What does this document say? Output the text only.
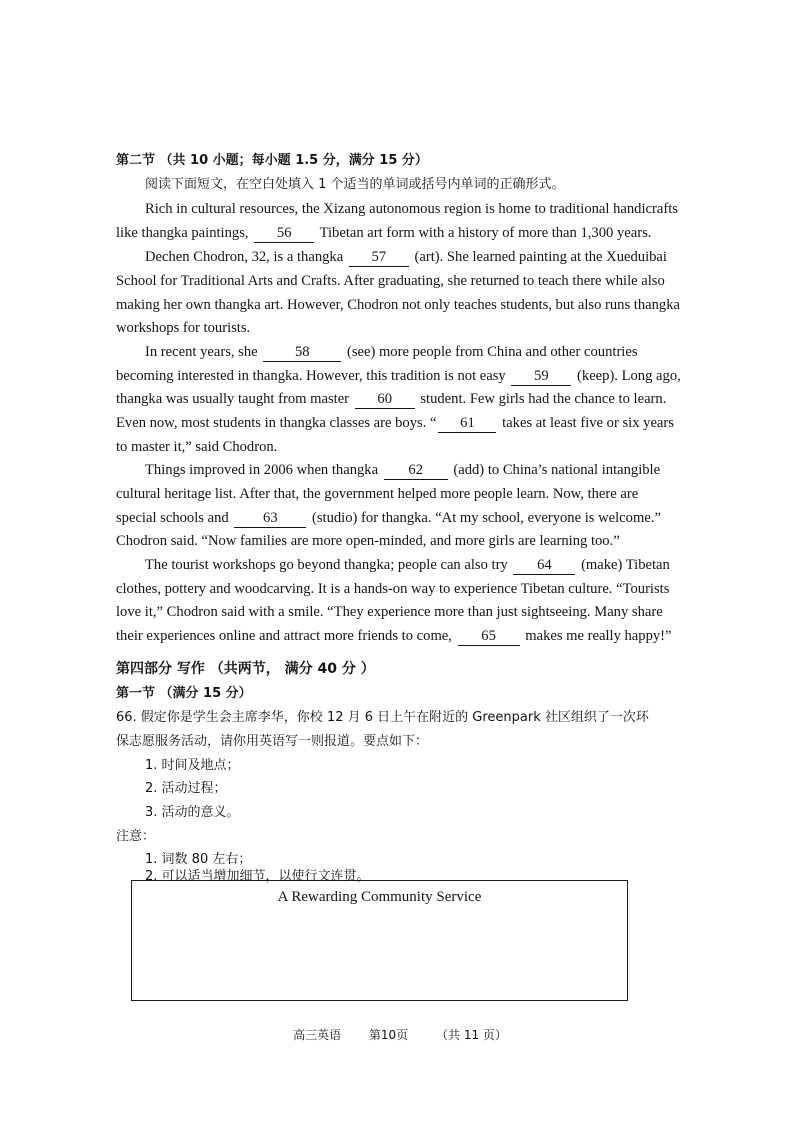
第二节 （共 10 小题；每小题 1.5 分，满分 15 分）
阅读下面短文，在空白处填入 1 个适当的单词或括号内单词的正确形式。
Rich in cultural resources, the Xizang autonomous region is home to traditional handicrafts
like thangka paintings, 56 Tibetan art form with a history of more than 1,300 years.
Dechen Chodron, 32, is a thangka 57 (art). She learned painting at the Xueduibai
School for Traditional Arts and Crafts. After graduating, she returned to teach there while also
making her own thangka art. However, Chodron not only teaches students, but also runs thangka
workshops for tourists.
In recent years, she	58	(see) more people from China and other countries
becoming interested in thangka. However, this tradition is not easy 59 (keep). Long ago,
thangka was usually taught from master 60 student. Few girls had the chance to learn.
Even now, most students in thangka classes are boys. “ 61 takes at least five or six years
to master it,” said Chodron.
Things improved in 2006 when thangka 62 (add) to China’s national intangible
cultural heritage list. After that, the government helped more people learn. Now, there are
special schools and 63 (studio) for thangka. “At my school, everyone is welcome.”
Chodron said. “Now families are more open-minded, and more girls are learning too.”
The tourist workshops go beyond thangka; people can also try 64 (make) Tibetan
clothes, pottery and woodcarving. It is a hands-on way to experience Tibetan culture. “Tourists
love it,” Chodron said with a smile. “They experience more than just sightseeing. Many share
their experiences online and attract more friends to come, 65 makes me really happy!”
第四部分 写作 （共两节， 满分 40 分 ）
第一节 （满分 15 分）
66. 假定你是学生会主席李华，你校 12 月 6 日上午在附近的 Greenpark 社区组织了一次环
保志愿服务活动，请你用英语写一则报道。要点如下：
1. 时间及地点；
2. 活动过程；
3. 活动的意义。
注意：
1. 词数 80 左右；
2. 可以适当增加细节，以使行文连贯。
A Rewarding Community Service
高三英语 第10页 （共 11 页）
